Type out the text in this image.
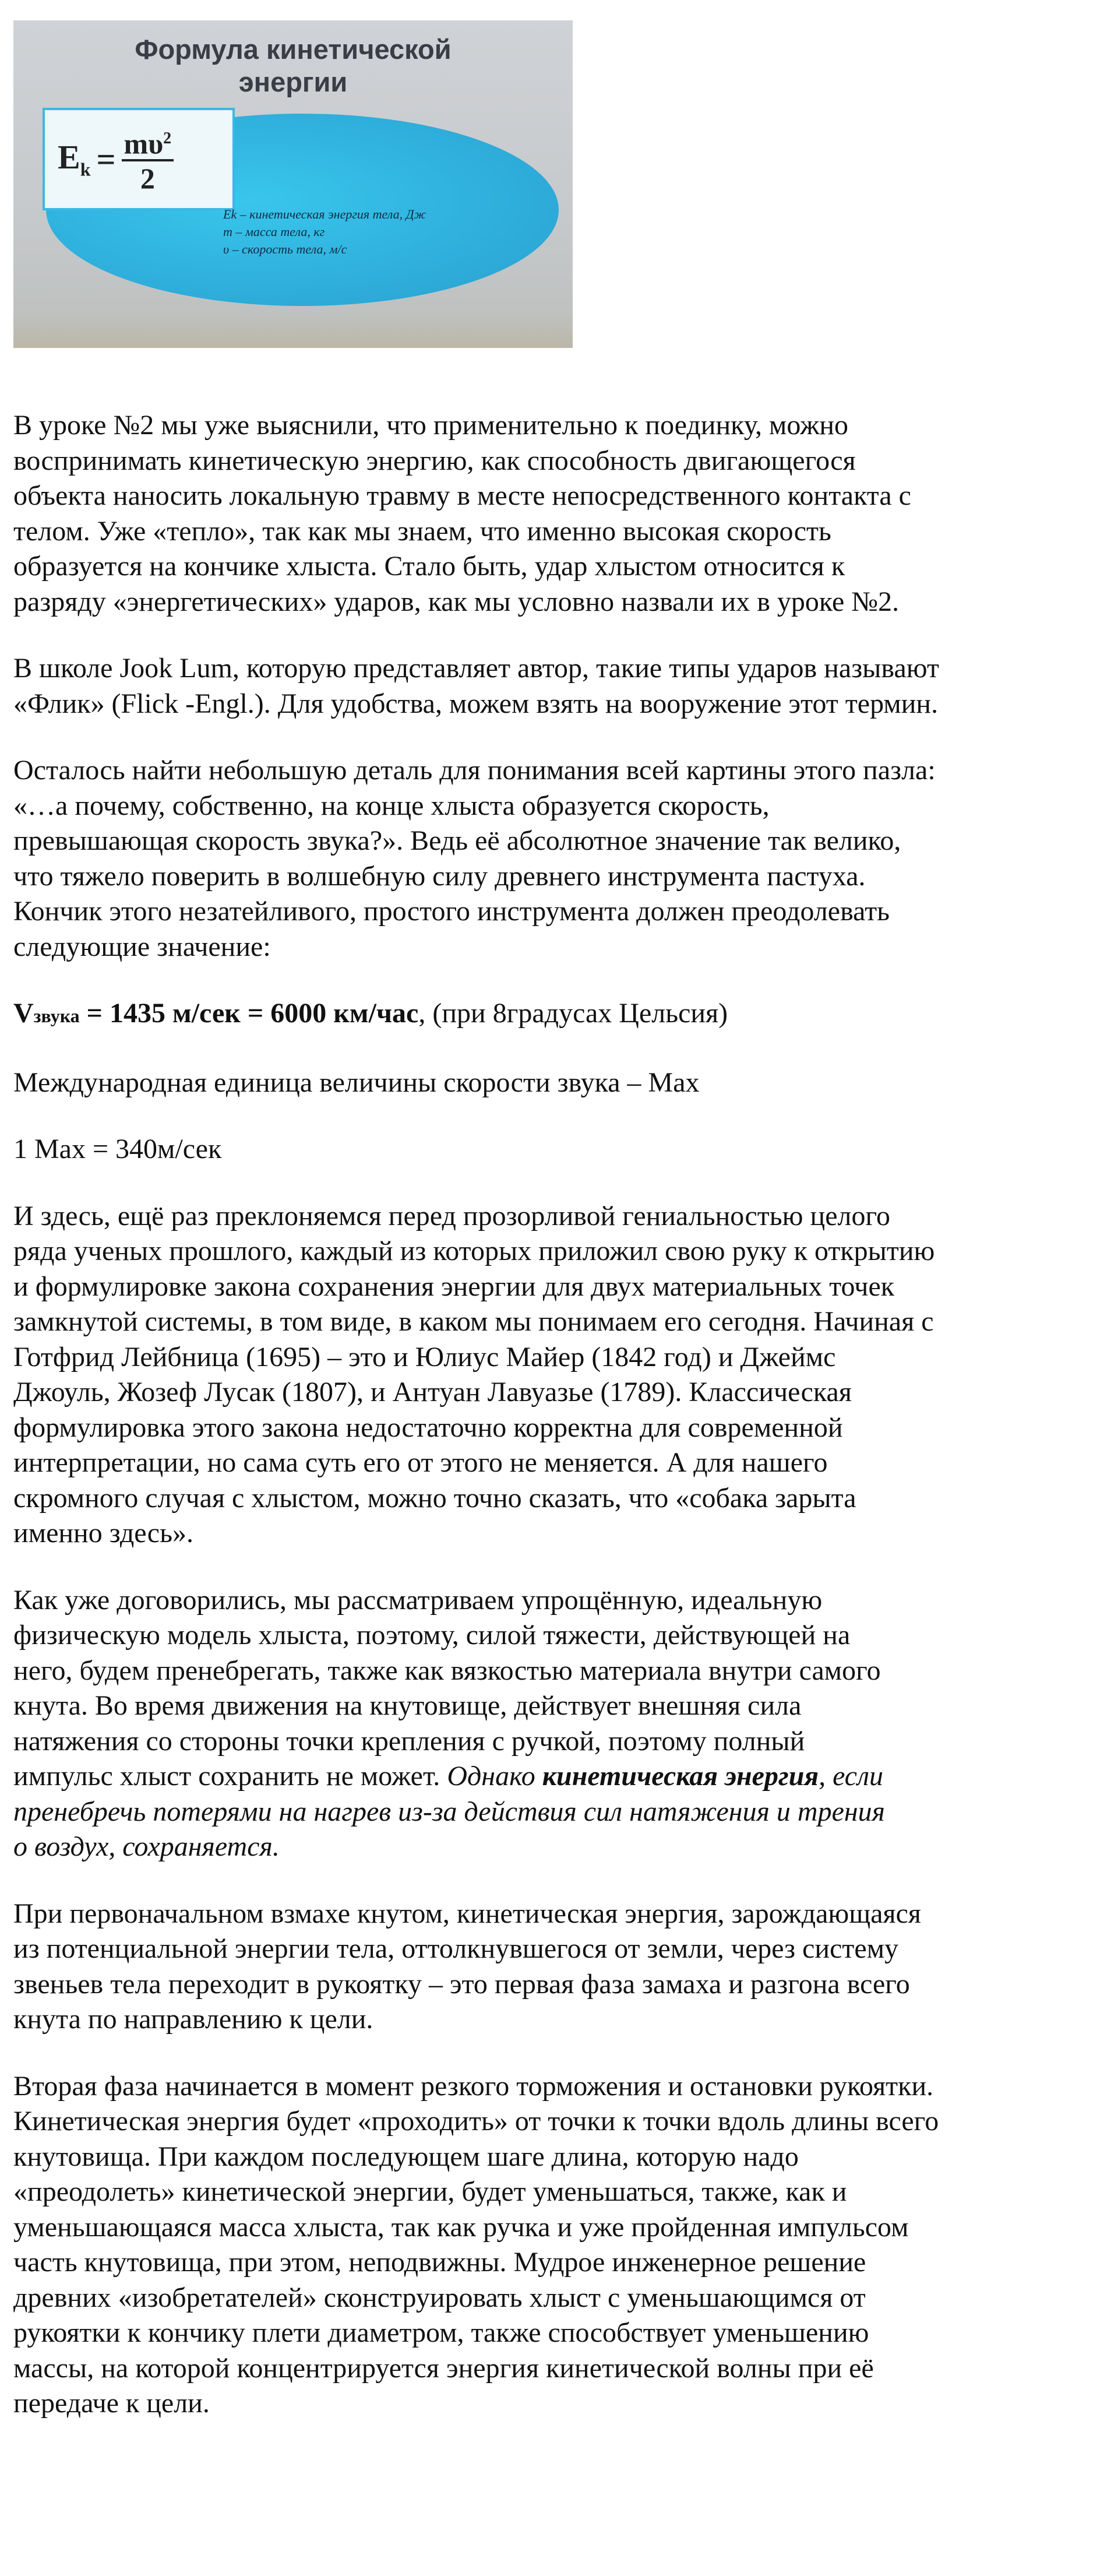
Формула кинетической
энергии
$E_k = \frac{m\upsilon^2}{2}$
Ek – кинетическая энергия тела, Дж
m – масса тела, кг
υ – скорость тела, м/с

В уроке №2 мы уже выяснили, что применительно к поединку, можно
воспринимать кинетическую энергию, как способность двигающегося
объекта наносить локальную травму в месте непосредственного контакта с
телом. Уже «тепло», так как мы знаем, что именно высокая скорость
образуется на кончике хлыста. Стало быть, удар хлыстом относится к
разряду «энергетических» ударов, как мы условно назвали их в уроке №2.

В школе Jook Lum, которую представляет автор, такие типы ударов называют
«Флик» (Flick -Engl.). Для удобства, можем взять на вооружение этот термин.

Осталось найти небольшую деталь для понимания всей картины этого пазла:
«…а почему, собственно, на конце хлыста образуется скорость,
превышающая скорость звука?». Ведь её абсолютное значение так велико,
что тяжело поверить в волшебную силу древнего инструмента пастуха.
Кончик этого незатейливого, простого инструмента должен преодолевать
следующие значение:

Vзвука = 1435 м/сек = 6000 км/час, (при 8градусах Цельсия)

Международная единица величины скорости звука – Max

1 Max = 340м/сек

И здесь, ещё раз преклоняемся перед прозорливой гениальностью целого
ряда ученых прошлого, каждый из которых приложил свою руку к открытию
и формулировке закона сохранения энергии для двух материальных точек
замкнутой системы, в том виде, в каком мы понимаем его сегодня. Начиная с
Готфрид Лейбница (1695) – это и Юлиус Майер (1842 год) и Джеймс
Джоуль, Жозеф Лусак (1807), и Антуан Лавуазье (1789). Классическая
формулировка этого закона недостаточно корректна для современной
интерпретации, но сама суть его от этого не меняется. А для нашего
скромного случая с хлыстом, можно точно сказать, что «собака зарыта
именно здесь».

Как уже договорились, мы рассматриваем упрощённую, идеальную
физическую модель хлыста, поэтому, силой тяжести, действующей на
него, будем пренебрегать, также как вязкостью материала внутри самого
кнута. Во время движения на кнутовище, действует внешняя сила
натяжения со стороны точки крепления с ручкой, поэтому полный
импульс хлыст сохранить не может. Однако кинетическая энергия, если
пренебречь потерями на нагрев из-за действия сил натяжения и трения
о воздух, сохраняется.

При первоначальном взмахе кнутом, кинетическая энергия, зарождающаяся
из потенциальной энергии тела, оттолкнувшегося от земли, через систему
звеньев тела переходит в рукоятку – это первая фаза замаха и разгона всего
кнута по направлению к цели.

Вторая фаза начинается в момент резкого торможения и остановки рукоятки.
Кинетическая энергия будет «проходить» от точки к точки вдоль длины всего
кнутовища. При каждом последующем шаге длина, которую надо
«преодолеть» кинетической энергии, будет уменьшаться, также, как и
уменьшающаяся масса хлыста, так как ручка и уже пройденная импульсом
часть кнутовища, при этом, неподвижны. Мудрое инженерное решение
древних «изобретателей» сконструировать хлыст с уменьшающимся от
рукоятки к кончику плети диаметром, также способствует уменьшению
массы, на которой концентрируется энергия кинетической волны при её
передаче к цели.
